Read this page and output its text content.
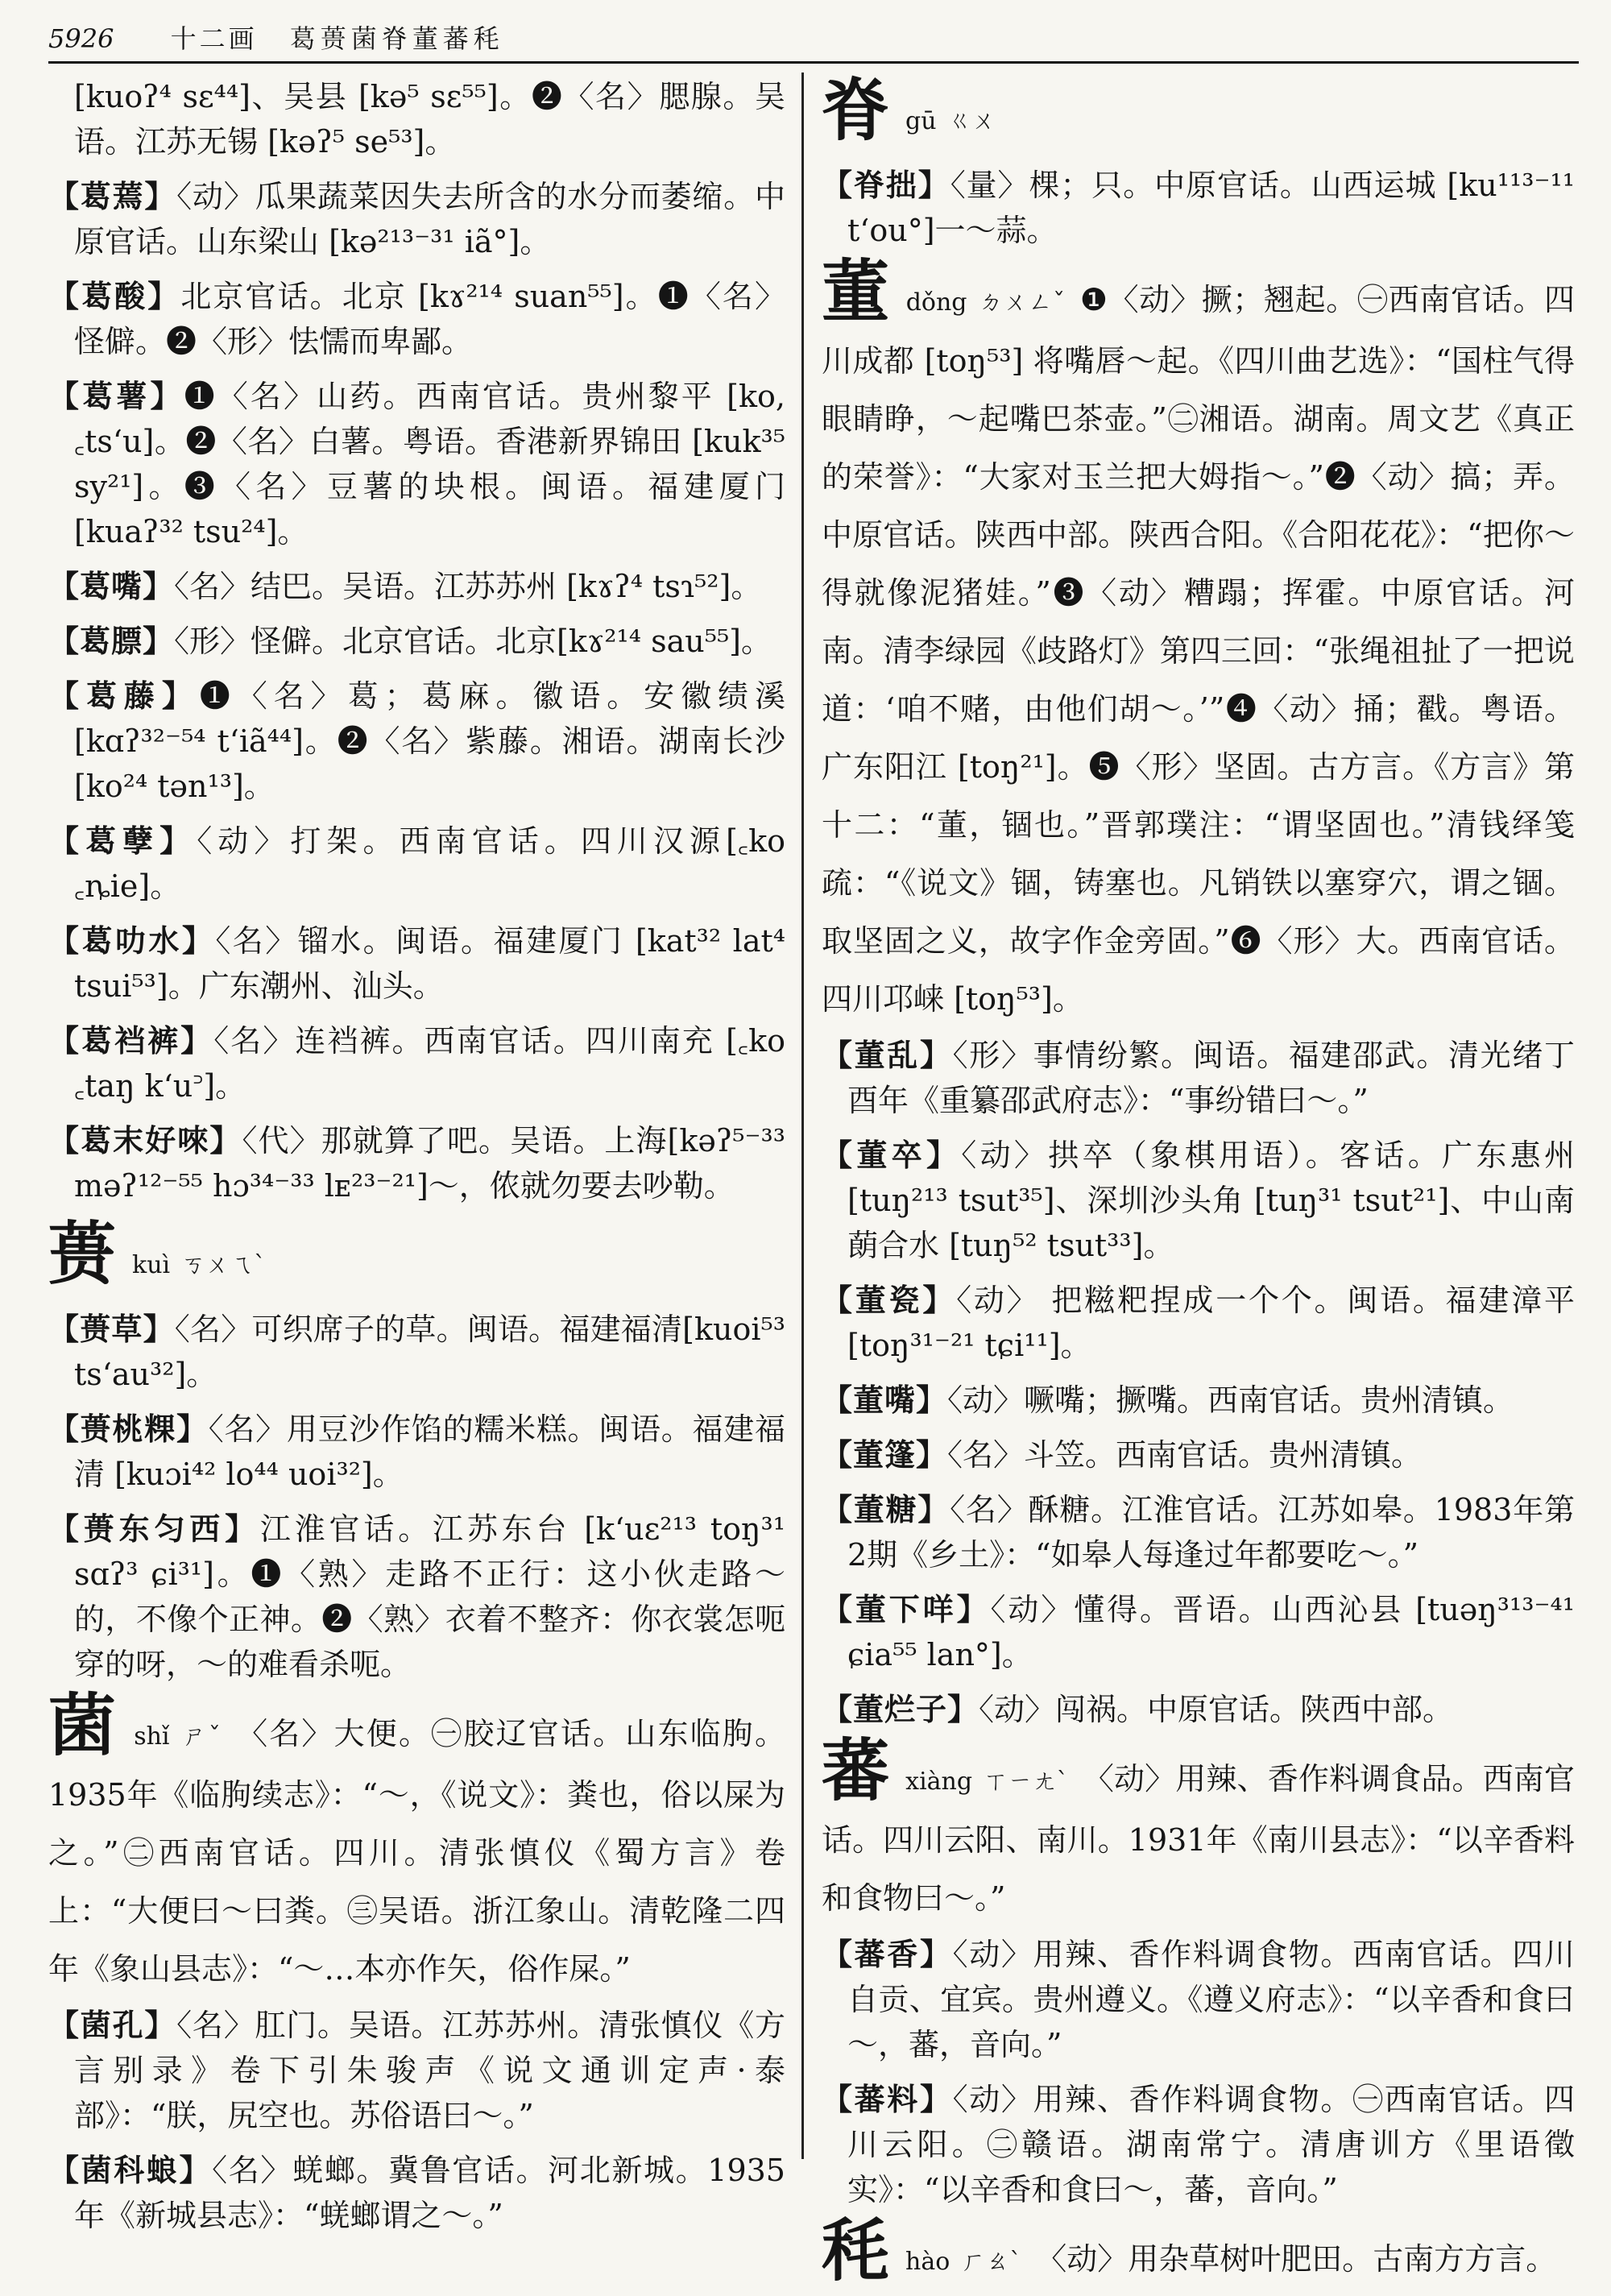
5926 十二画 葛蒉菌脊董蕃秏

[kuoʔ⁴ sɛ⁴⁴]、吴县 [kə⁵ sɛ⁵⁵]。❷〈名〉腮腺。吴语。江苏无锡 [kəʔ⁵ se⁵³]。

【葛蔫】〈动〉瓜果蔬菜因失去所含的水分而萎缩。中原官话。山东梁山 [kə²¹³⁻³¹ iã°]。

【葛酸】北京官话。北京 [kɤ²¹⁴ suan⁵⁵]。❶〈名〉怪僻。❷〈形〉怯懦而卑鄙。

【葛薯】❶〈名〉山药。西南官话。贵州黎平 [ko, ꜀tsʻu]。❷〈名〉白薯。粤语。香港新界锦田 [kuk³⁵ sy²¹]。❸〈名〉豆薯的块根。闽语。福建厦门[kuaʔ³² tsu²⁴]。

【葛嘴】〈名〉结巴。吴语。江苏苏州 [kɤʔ⁴ tsɿ⁵²]。

【葛膘】〈形〉怪僻。北京官话。北京[kɤ²¹⁴ sau⁵⁵]。

【葛藤】❶〈名〉葛；葛麻。徽语。安徽绩溪 [kɑʔ³²⁻⁵⁴ tʻiã⁴⁴]。❷〈名〉紫藤。湘语。湖南长沙 [ko²⁴ tən¹³]。

【葛孽】〈动〉打架。西南官话。四川汉源[꜀ko ꜀ȵie]。

【葛叻水】〈名〉镏水。闽语。福建厦门 [kat³² lat⁴ tsui⁵³]。广东潮州、汕头。

【葛裆裤】〈名〉连裆裤。西南官话。四川南充 [꜀ko ꜀taŋ kʻu꜄]。

【葛末好唻】〈代〉那就算了吧。吴语。上海[kəʔ⁵⁻³³ məʔ¹²⁻⁵⁵ hɔ³⁴⁻³³ lᴇ²³⁻²¹]～，侬就勿要去吵勒。

蒉kuì ㄎㄨㄟˋ

【蒉草】〈名〉可织席子的草。闽语。福建福清[kuoi⁵³ tsʻau³²]。

【蒉桃粿】〈名〉用豆沙作馅的糯米糕。闽语。福建福清 [kuɔi⁴² lo⁴⁴ uoi³²]。

【蒉东匀西】江淮官话。江苏东台 [kʻuɛ²¹³ toŋ³¹ sɑʔ³ ɕi³¹]。❶〈熟〉走路不正行：这小伙走路～的，不像个正神。❷〈熟〉衣着不整齐：你衣裳怎呃穿的呀，～的难看杀呃。

菌shǐ ㄕˇ 〈名〉大便。㊀胶辽官话。山东临朐。1935年《临朐续志》：“～，《说文》：粪也，俗以屎为之。”㊁西南官话。四川。清张慎仪《蜀方言》卷上：“大便曰～曰粪。㊂吴语。浙江象山。清乾隆二四年《象山县志》：“～…本亦作矢，俗作屎。”

【菌孔】〈名〉肛门。吴语。江苏苏州。清张慎仪《方言别录》卷下引朱骏声《说文通训定声·泰部》：“朕，尻空也。苏俗语曰～。”

【菌科蜋】〈名〉蜣螂。冀鲁官话。河北新城。1935年《新城县志》：“蜣螂谓之～。”

脊gū ㄍㄨ

【脊拙】〈量〉棵；只。中原官话。山西运城 [ku¹¹³⁻¹¹ tʻou°]一～蒜。

董dǒng ㄉㄨㄥˇ ❶〈动〉撅；翘起。㊀西南官话。四川成都 [toŋ⁵³] 将嘴唇～起。《四川曲艺选》：“国柱气得眼睛睁，～起嘴巴茶壶。”㊁湘语。湖南。周文艺《真正的荣誉》：“大家对玉兰把大姆指～。”❷〈动〉搞；弄。中原官话。陕西中部。陕西合阳。《合阳花花》：“把你～得就像泥猪娃。”❸〈动〉糟蹋；挥霍。中原官话。河南。清李绿园《歧路灯》第四三回：“张绳祖扯了一把说道：‘咱不赌，由他们胡～。’”❹〈动〉捅；戳。粤语。广东阳江 [toŋ²¹]。❺〈形〉坚固。古方言。《方言》第十二：“董，锢也。”晋郭璞注：“谓坚固也。”清钱绎笺疏：“《说文》锢，铸塞也。凡销铁以塞穿穴，谓之锢。取坚固之义，故字作金旁固。”❻〈形〉大。西南官话。四川邛崃 [toŋ⁵³]。

【董乱】〈形〉事情纷繁。闽语。福建邵武。清光绪丁酉年《重纂邵武府志》：“事纷错曰～。”

【董卒】〈动〉拱卒（象棋用语）。客话。广东惠州[tuŋ²¹³ tsut³⁵]、深圳沙头角 [tuŋ³¹ tsut²¹]、中山南蓢合水 [tuŋ⁵² tsut³³]。

【董瓷】〈动〉 把糍粑捏成一个个。闽语。福建漳平 [toŋ³¹⁻²¹ tɕi¹¹]。

【董嘴】〈动〉噘嘴；撅嘴。西南官话。贵州清镇。

【董篷】〈名〉斗笠。西南官话。贵州清镇。

【董糖】〈名〉酥糖。江淮官话。江苏如皋。1983年第2期《乡土》：“如皋人每逢过年都要吃～。”

【董下咩】〈动〉懂得。晋语。山西沁县 [tuəŋ³¹³⁻⁴¹ ɕia⁵⁵ lan°]。

【董烂子】〈动〉闯祸。中原官话。陕西中部。

蕃xiàng ㄒㄧㄤˋ 〈动〉用辣、香作料调食品。西南官话。四川云阳、南川。1931年《南川县志》：“以辛香料和食物曰～。”

【蕃香】〈动〉用辣、香作料调食物。西南官话。四川自贡、宜宾。贵州遵义。《遵义府志》：“以辛香和食曰～，蕃，音向。”

【蕃料】〈动〉用辣、香作料调食物。㊀西南官话。四川云阳。㊁赣语。湖南常宁。清唐训方《里语徵实》：“以辛香和食曰～，蕃，音向。”

秏hào ㄏㄠˋ 〈动〉用杂草树叶肥田。古南方方言。
